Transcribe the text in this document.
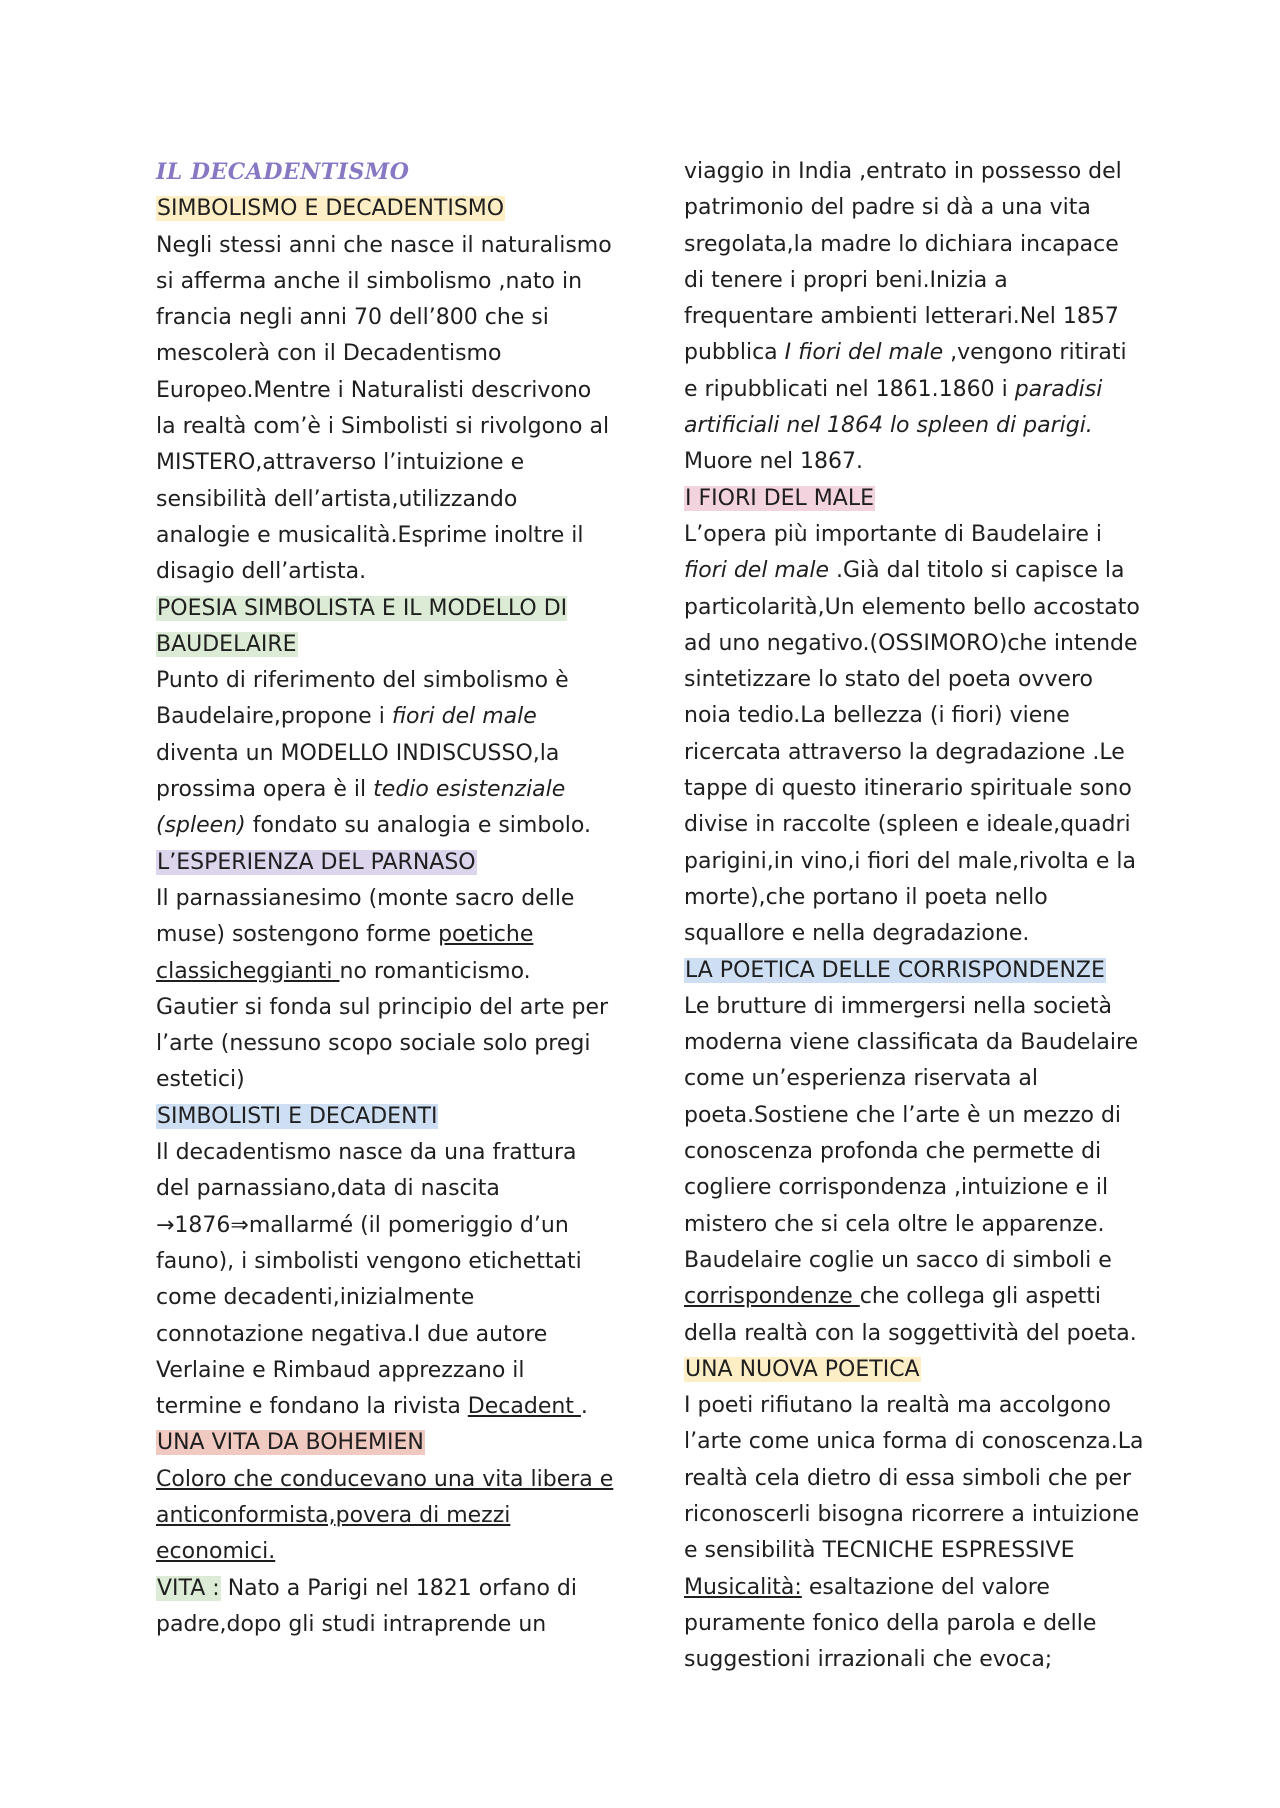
IL DECADENTISMO

SIMBOLISMO E DECADENTISMO

Negli stessi anni che nasce il naturalismo si afferma anche il simbolismo ,nato in francia negli anni 70 dell’800 che si mescolerà con il Decadentismo Europeo.Mentre i Naturalisti descrivono la realtà com’è i Simbolisti si rivolgono al MISTERO,attraverso l’intuizione e sensibilità dell’artista,utilizzando analogie e musicalità.Esprime inoltre il disagio dell’artista.

POESIA SIMBOLISTA E IL MODELLO DI BAUDELAIRE

Punto di riferimento del simbolismo è Baudelaire,propone i fiori del male
diventa un MODELLO INDISCUSSO,la prossima opera è il tedio esistenziale (spleen) fondato su analogia e simbolo.

L’ESPERIENZA DEL PARNASO

Il parnassianesimo (monte sacro delle muse) sostengono forme poetiche classicheggianti no romanticismo. Gautier si fonda sul principio del arte per l’arte (nessuno scopo sociale solo pregi estetici)

SIMBOLISTI E DECADENTI

Il decadentismo nasce da una frattura del parnassiano,data di nascita →1876⇒mallarmé (il pomeriggio d’un fauno), i simbolisti vengono etichettati come decadenti,inizialmente connotazione negativa.I due autore Verlaine e Rimbaud apprezzano il termine e fondano la rivista Decadent .

UNA VITA DA BOHEMIEN

Coloro che conducevano una vita libera e anticonformista,povera di mezzi economici.

VITA : Nato a Parigi nel 1821 orfano di padre,dopo gli studi intraprende un

viaggio in India ,entrato in possesso del patrimonio del padre si dà a una vita sregolata,la madre lo dichiara incapace di tenere i propri beni.Inizia a frequentare ambienti letterari.Nel 1857 pubblica I fiori del male ,vengono ritirati e ripubblicati nel 1861.1860 i paradisi artificiali nel 1864 lo spleen di parigi. Muore nel 1867.

I FIORI DEL MALE

L’opera più importante di Baudelaire i fiori del male .Già dal titolo si capisce la particolarità,Un elemento bello accostato ad uno negativo.(OSSIMORO)che intende sintetizzare lo stato del poeta ovvero noia tedio.La bellezza (i fiori) viene ricercata attraverso la degradazione .Le tappe di questo itinerario spirituale sono divise in raccolte (spleen e ideale,quadri parigini,in vino,i fiori del male,rivolta e la morte),che portano il poeta nello squallore e nella degradazione.

LA POETICA DELLE CORRISPONDENZE

Le brutture di immergersi nella società moderna viene classificata da Baudelaire come un’esperienza riservata al poeta.Sostiene che l’arte è un mezzo di conoscenza profonda che permette di cogliere corrispondenza ,intuizione e il mistero che si cela oltre le apparenze. Baudelaire coglie un sacco di simboli e corrispondenze che collega gli aspetti della realtà con la soggettività del poeta.

UNA NUOVA POETICA

I poeti rifiutano la realtà ma accolgono l’arte come unica forma di conoscenza.La realtà cela dietro di essa simboli che per riconoscerli bisogna ricorrere a intuizione e sensibilità TECNICHE ESPRESSIVE
Musicalità: esaltazione del valore puramente fonico della parola e delle suggestioni irrazionali che evoca;
